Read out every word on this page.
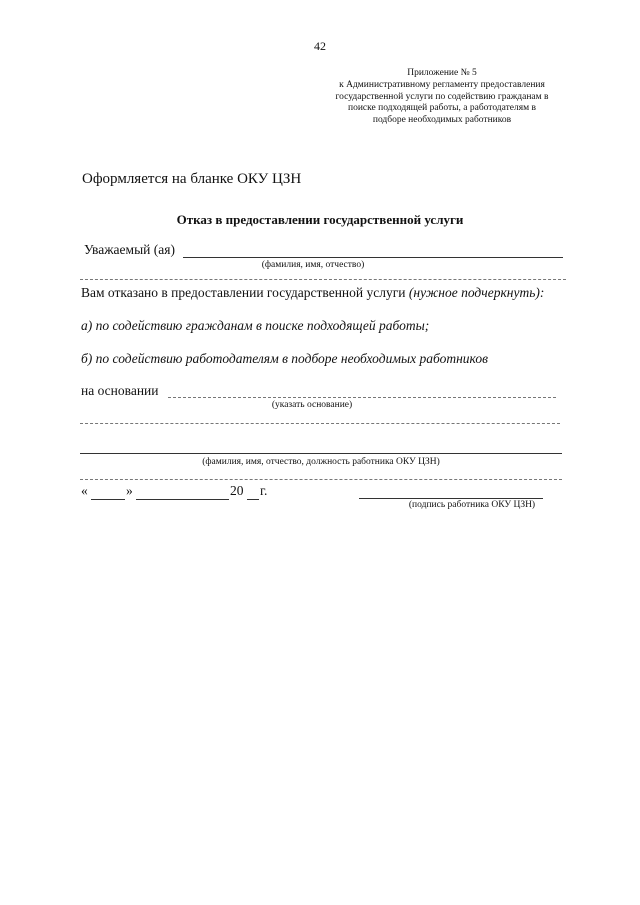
42
Приложение № 5
к Административному регламенту предоставления
государственной услуги по содействию гражданам в
поиске подходящей работы, а работодателям в
подборе необходимых работников
Оформляется на бланке ОКУ ЦЗН
Отказ в предоставлении государственной услуги
Уважаемый (ая)
(фамилия, имя, отчество)
Вам отказано в предоставлении государственной услуги (нужное подчеркнуть):
а) по содействию гражданам в поиске подходящей работы;
б) по содействию работодателям в подборе необходимых работников
на основании
(указать основание)
(фамилия, имя, отчество, должность работника ОКУ ЦЗН)
«	»	20 г.
(подпись работника ОКУ ЦЗН)
